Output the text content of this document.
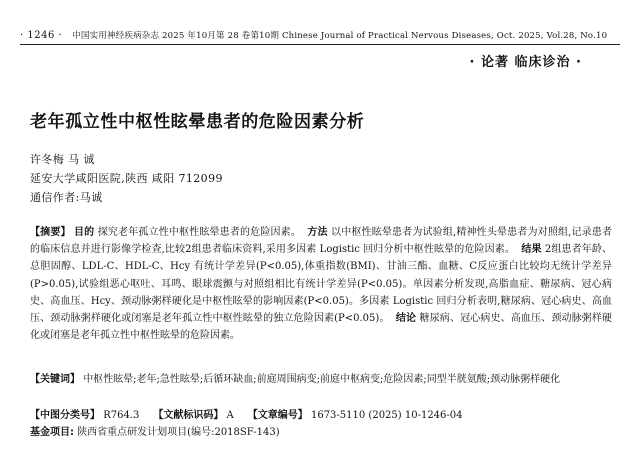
· 1246 · 中国实用神经疾病杂志 2025 年10月第 28 卷第10期 Chinese Journal of Practical Nervous Diseases, Oct. 2025, Vol.28, No.10
· 论著 临床诊治 ·
老年孤立性中枢性眩晕患者的危险因素分析
许冬梅 马 诚
延安大学咸阳医院,陕西 咸阳 712099
通信作者:马诚
【摘要】 目的 探究老年孤立性中枢性眩晕患者的危险因素。 方法 以中枢性眩晕患者为试验组,精神性头晕患者为对照组,记录患者的临床信息并进行影像学检查,比较2组患者临床资料,采用多因素 Logistic 回归分析中枢性眩晕的危险因素。 结果 2组患者年龄、总胆固醇、LDL-C、HDL-C、Hcy 有统计学差异(P<0.05),体重指数(BMI)、甘油三酯、血糖、C反应蛋白比较均无统计学差异(P>0.05),试验组恶心呕吐、耳鸣、眼球震颤与对照组相比有统计学差异(P<0.05)。单因素分析发现,高脂血症、糖尿病、冠心病史、高血压、Hcy、颈动脉粥样硬化是中枢性眩晕的影响因素(P<0.05)。多因素 Logistic 回归分析表明,糖尿病、冠心病史、高血压、颈动脉粥样硬化或闭塞是老年孤立性中枢性眩晕的独立危险因素(P<0.05)。 结论 糖尿病、冠心病史、高血压、颈动脉粥样硬化或闭塞是老年孤立性中枢性眩晕的危险因素。
【关键词】 中枢性眩晕;老年;急性眩晕;后循环缺血;前庭周围病变;前庭中枢病变;危险因素;同型半胱氨酸;颈动脉粥样硬化
【中图分类号】 R764.3 【文献标识码】 A 【文章编号】 1673-5110 (2025) 10-1246-04
基金项目: 陕西省重点研发计划项目(编号:2018SF-143)
